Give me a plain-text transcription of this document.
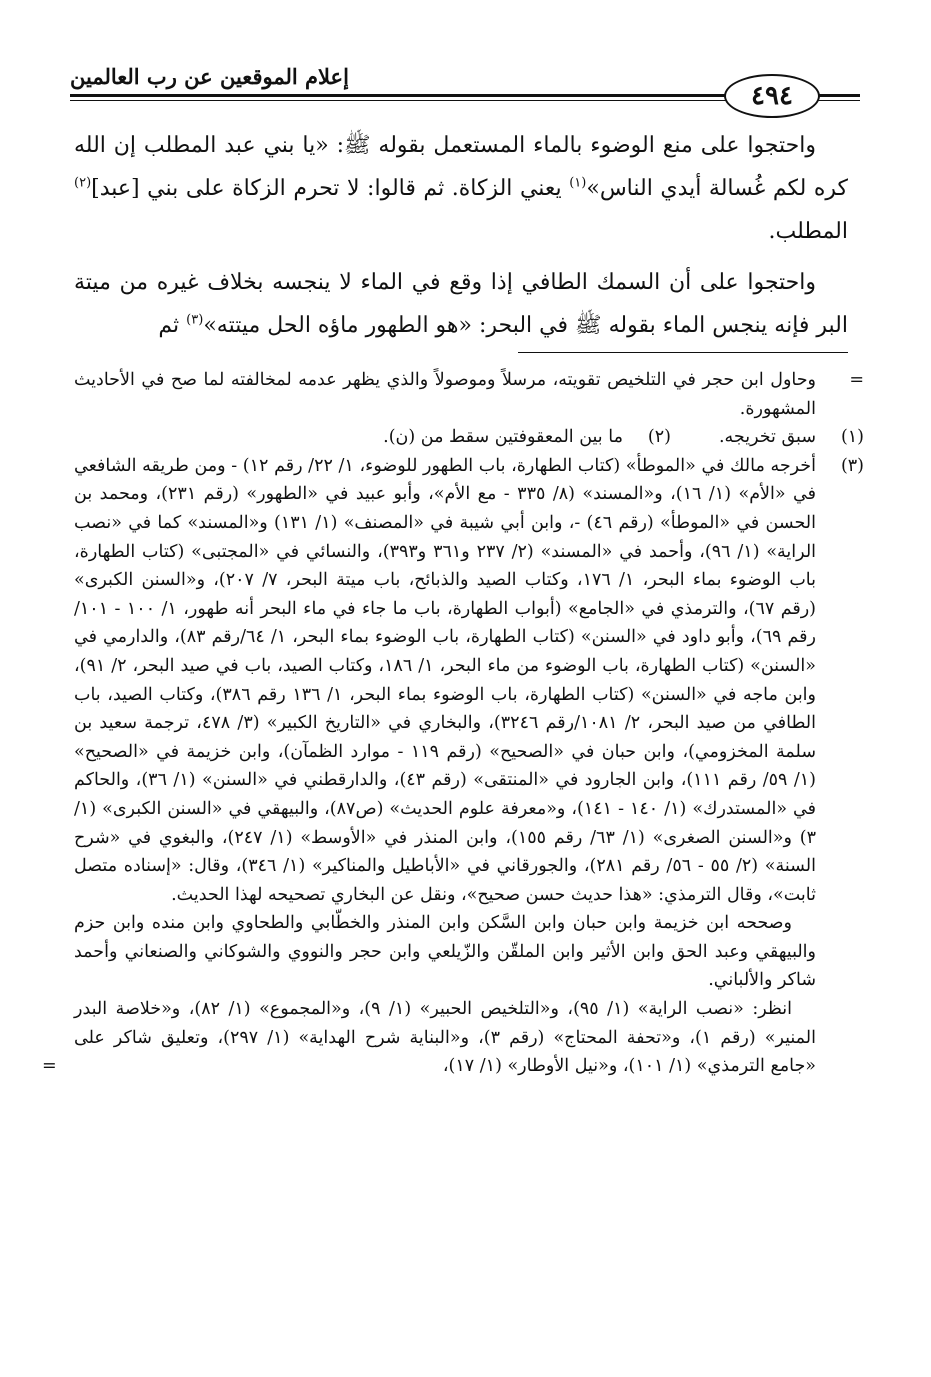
٤٩٤
إعلام الموقعين عن رب العالمين

واحتجوا على منع الوضوء بالماء المستعمل بقوله ﷺ: «يا بني عبد المطلب إن الله كره لكم غُسالة أيدي الناس»$^{(١)}$ يعني الزكاة. ثم قالوا: لا تحرم الزكاة على بني [عبد]$^{(٢)}$ المطلب.

واحتجوا على أن السمك الطافي إذا وقع في الماء لا ينجسه بخلاف غيره من ميتة البر فإنه ينجس الماء بقوله ﷺ في البحر: «هو الطهور ماؤه الحل ميتته»$^{(٣)}$ ثم

=
وحاول ابن حجر في التلخيص تقويته، مرسلاً وموصولاً والذي يظهر عدمه لمخالفته لما صح في الأحاديث المشهورة.

(١)
سبق تخريجه.

(٢)
ما بين المعقوفتين سقط من (ن).

(٣)
أخرجه مالك في «الموطأ» (كتاب الطهارة، باب الطهور للوضوء، ١/ ٢٢/ رقم ١٢) - ومن طريقه الشافعي في «الأم» (١/ ١٦)، و«المسند» (٨/ ٣٣٥ - مع الأم»، وأبو عبيد في «الطهور» (رقم ٢٣١)، ومحمد بن الحسن في «الموطأ» (رقم ٤٦) -، وابن أبي شيبة في «المصنف» (١/ ١٣١) و«المسند» كما في «نصب الراية» (١/ ٩٦)، وأحمد في «المسند» (٢/ ٢٣٧ و٣٦١ و٣٩٣)، والنسائي في «المجتبى» (كتاب الطهارة، باب الوضوء بماء البحر، ١/ ١٧٦، وكتاب الصيد والذبائح، باب ميتة البحر، ٧/ ٢٠٧)، و«السنن الكبرى» (رقم ٦٧)، والترمذي في «الجامع» (أبواب الطهارة، باب ما جاء في ماء البحر أنه طهور، ١/ ١٠٠ - ١٠١/رقم ٦٩)، وأبو داود في «السنن» (كتاب الطهارة، باب الوضوء بماء البحر، ١/ ٦٤/رقم ٨٣)، والدارمي في «السنن» (كتاب الطهارة، باب الوضوء من ماء البحر، ١/ ١٨٦، وكتاب الصيد، باب في صيد البحر، ٢/ ٩١)، وابن ماجه في «السنن» (كتاب الطهارة، باب الوضوء بماء البحر، ١/ ١٣٦ رقم ٣٨٦)، وكتاب الصيد، باب الطافي من صيد البحر، ٢/ ١٠٨١/رقم ٣٢٤٦)، والبخاري في «التاريخ الكبير» (٣/ ٤٧٨، ترجمة سعيد بن سلمة المخزومي)، وابن حبان في «الصحيح» (رقم ١١٩ - موارد الظمآن)، وابن خزيمة في «الصحيح» (١/ ٥٩/ رقم ١١١)، وابن الجارود في «المنتقى» (رقم ٤٣)، والدارقطني في «السنن» (١/ ٣٦)، والحاكم في «المستدرك» (١/ ١٤٠ - ١٤١)، و«معرفة علوم الحديث» (ص٨٧)، والبيهقي في «السنن الكبرى» (١/ ٣) و«السنن الصغرى» (١/ ٦٣/ رقم ١٥٥)، وابن المنذر في «الأوسط» (١/ ٢٤٧)، والبغوي في «شرح السنة» (٢/ ٥٥ - ٥٦/ رقم ٢٨١)، والجورقاني في «الأباطيل والمناكير» (١/ ٣٤٦)، وقال: «إسناده متصل ثابت»، وقال الترمذي: «هذا حديث حسن صحيح»، ونقل عن البخاري تصحيحه لهذا الحديث.

وصححه ابن خزيمة وابن حبان وابن السَّكن وابن المنذر والخطّابي والطحاوي وابن منده وابن حزم والبيهقي وعبد الحق وابن الأثير وابن الملقّن والزّيلعي وابن حجر والنووي والشوكاني والصنعاني وأحمد شاكر والألباني.

انظر: «نصب الراية» (١/ ٩٥)، و«التلخيص الحبير» (١/ ٩)، و«المجموع» (١/ ٨٢)، و«خلاصة البدر المنير» (رقم ١)، و«تحفة المحتاج» (رقم ٣)، و«البناية شرح الهداية» (١/ ٢٩٧)، وتعليق شاكر على «جامع الترمذي» (١/ ١٠١)، و«نيل الأوطار» (١/ ١٧)،
=
